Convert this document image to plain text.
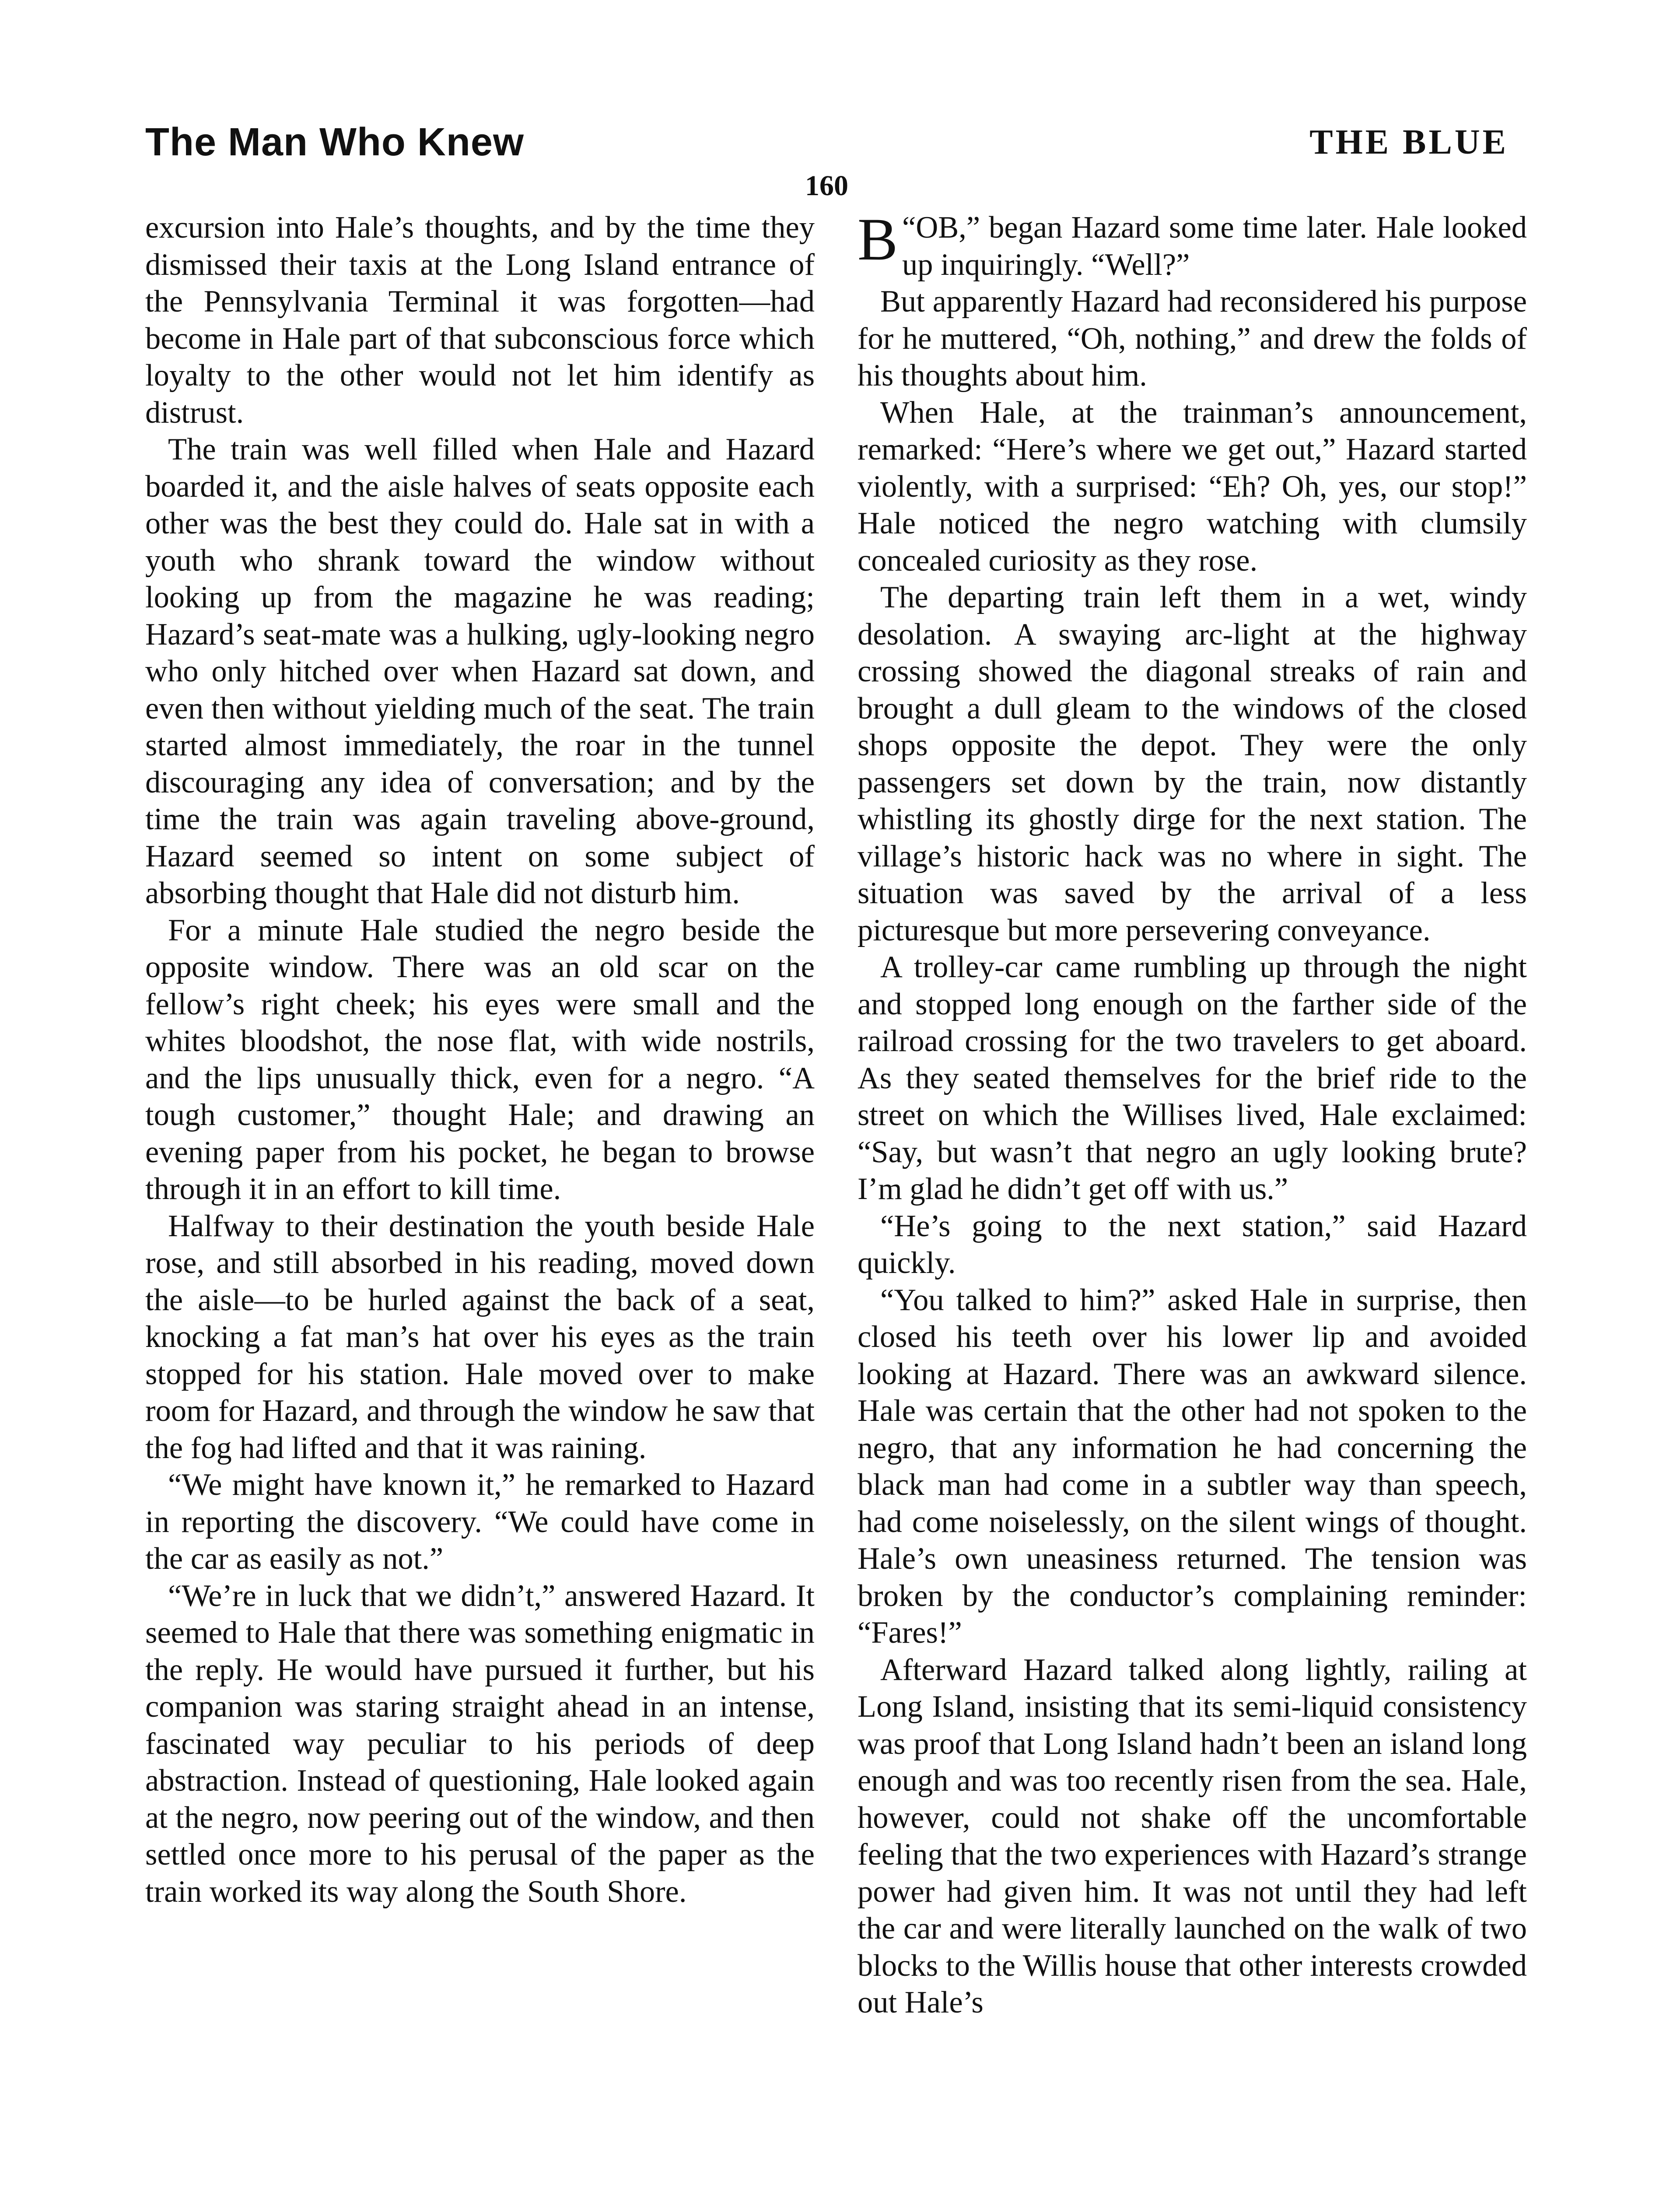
The Man Who Knew	THE BLUE
160

excursion into Hale’s thoughts, and by the time they dismissed their taxis at the Long Island entrance of the Pennsylvania Terminal it was forgotten—had become in Hale part of that subconscious force which loyalty to the other would not let him identify as distrust.

The train was well filled when Hale and Hazard boarded it, and the aisle halves of seats opposite each other was the best they could do. Hale sat in with a youth who shrank toward the window without looking up from the magazine he was reading; Hazard’s seat-mate was a hulking, ugly-looking negro who only hitched over when Hazard sat down, and even then without yielding much of the seat. The train started almost immediately, the roar in the tunnel discouraging any idea of conversation; and by the time the train was again traveling above-ground, Hazard seemed so intent on some subject of absorbing thought that Hale did not disturb him.

For a minute Hale studied the negro beside the opposite window. There was an old scar on the fellow’s right cheek; his eyes were small and the whites bloodshot, the nose flat, with wide nostrils, and the lips unusually thick, even for a negro. “A tough customer,” thought Hale; and drawing an evening paper from his pocket, he began to browse through it in an effort to kill time.

Halfway to their destination the youth beside Hale rose, and still absorbed in his reading, moved down the aisle—to be hurled against the back of a seat, knocking a fat man’s hat over his eyes as the train stopped for his station. Hale moved over to make room for Hazard, and through the window he saw that the fog had lifted and that it was raining.

“We might have known it,” he remarked to Hazard in reporting the discovery. “We could have come in the car as easily as not.”

“We’re in luck that we didn’t,” answered Hazard. It seemed to Hale that there was something enigmatic in the reply. He would have pursued it further, but his companion was staring straight ahead in an intense, fascinated way peculiar to his periods of deep abstraction. Instead of questioning, Hale looked again at the negro, now peering out of the window, and then settled once more to his perusal of the paper as the train worked its way along the South Shore.

“
B OB,” began Hazard some time later. Hale looked up inquiringly. “Well?”

But apparently Hazard had reconsidered his purpose for he muttered, “Oh, nothing,” and drew the folds of his thoughts about him.

When Hale, at the trainman’s announcement, remarked: “Here’s where we get out,” Hazard started violently, with a surprised: “Eh? Oh, yes, our stop!” Hale noticed the negro watching with clumsily concealed curiosity as they rose.

The departing train left them in a wet, windy desolation. A swaying arc-light at the highway crossing showed the diagonal streaks of rain and brought a dull gleam to the windows of the closed shops opposite the depot. They were the only passengers set down by the train, now distantly whistling its ghostly dirge for the next station. The village’s historic hack was no where in sight. The situation was saved by the arrival of a less picturesque but more persevering conveyance.

A trolley-car came rumbling up through the night and stopped long enough on the farther side of the railroad crossing for the two travelers to get aboard. As they seated themselves for the brief ride to the street on which the Willises lived, Hale exclaimed: “Say, but wasn’t that negro an ugly looking brute? I’m glad he didn’t get off with us.”

“He’s going to the next station,” said Hazard quickly.

“You talked to him?” asked Hale in surprise, then closed his teeth over his lower lip and avoided looking at Hazard. There was an awkward silence. Hale was certain that the other had not spoken to the negro, that any information he had concerning the black man had come in a subtler way than speech, had come noiselessly, on the silent wings of thought. Hale’s own uneasiness returned. The tension was broken by the conductor’s complaining reminder: “Fares!”

Afterward Hazard talked along lightly, railing at Long Island, insisting that its semi-liquid consistency was proof that Long Island hadn’t been an island long enough and was too recently risen from the sea. Hale, however, could not shake off the uncomfortable feeling that the two experiences with Hazard’s strange power had given him. It was not until they had left the car and were literally launched on the walk of two blocks to the Willis house that other interests crowded out Hale’s
